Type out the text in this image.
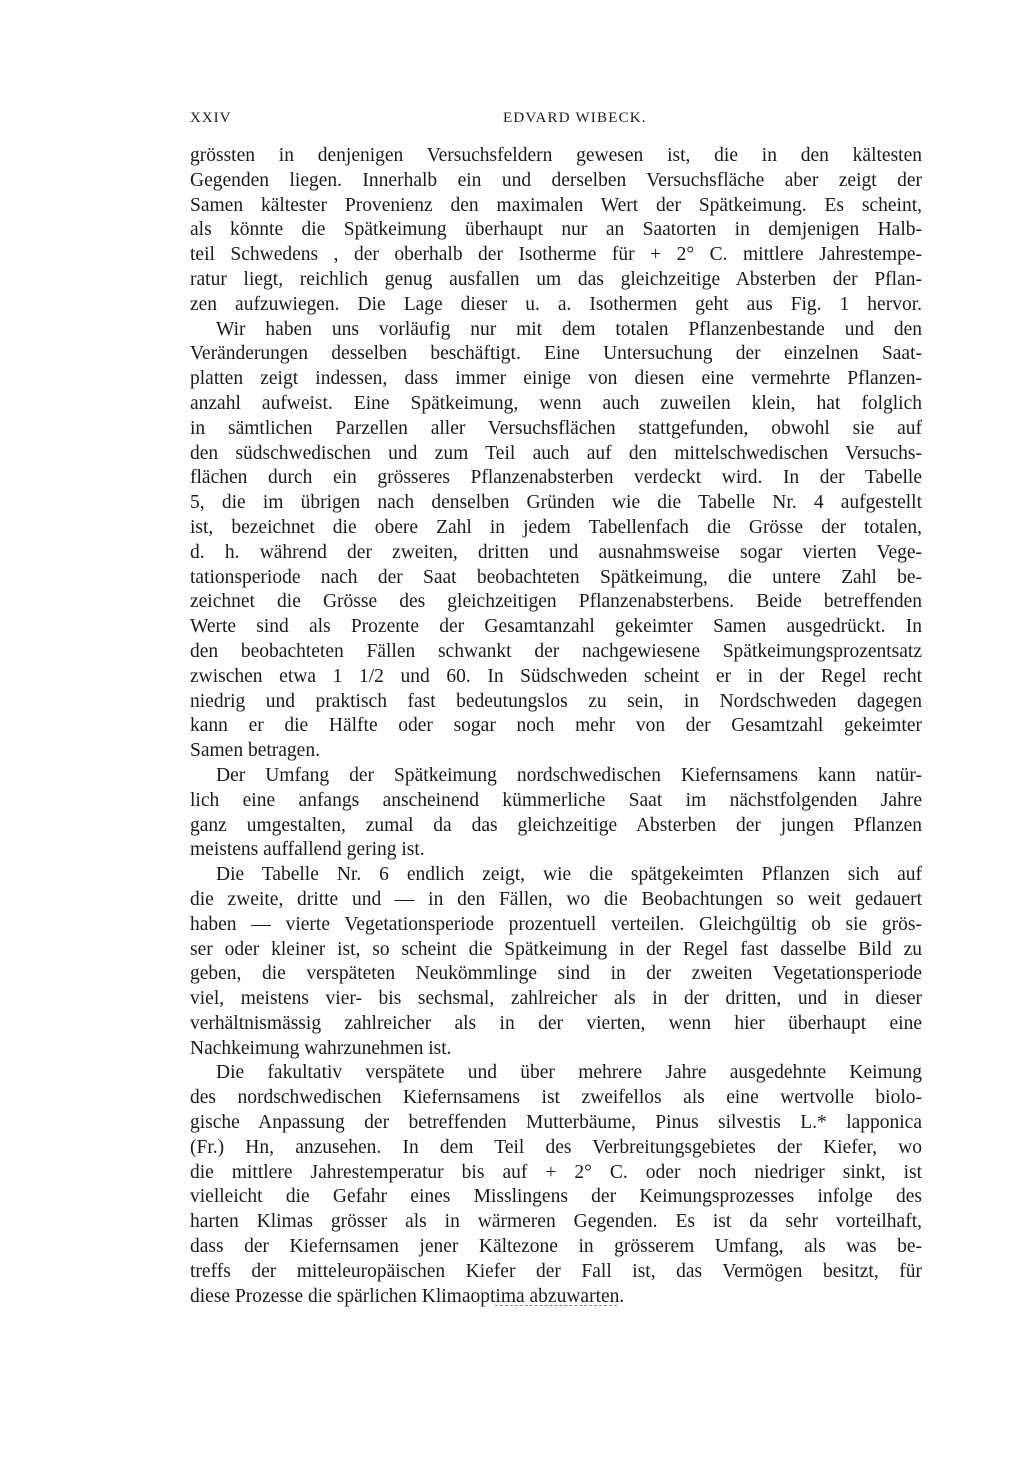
XXIV	EDVARD WIBECK.
grössten in denjenigen Versuchsfeldern gewesen ist, die in den kältesten
Gegenden liegen. Innerhalb ein und derselben Versuchsfläche aber zeigt der
Samen kältester Provenienz den maximalen Wert der Spätkeimung. Es scheint,
als könnte die Spätkeimung überhaupt nur an Saatorten in demjenigen Halb-
teil Schwedens , der oberhalb der Isotherme für + 2° C. mittlere Jahrestempe-
ratur liegt, reichlich genug ausfallen um das gleichzeitige Absterben der Pflan-
zen aufzuwiegen. Die Lage dieser u. a. Isothermen geht aus Fig. 1 hervor.
Wir haben uns vorläufig nur mit dem totalen Pflanzenbestande und den
Veränderungen desselben beschäftigt. Eine Untersuchung der einzelnen Saat-
platten zeigt indessen, dass immer einige von diesen eine vermehrte Pflanzen-
anzahl aufweist. Eine Spätkeimung, wenn auch zuweilen klein, hat folglich
in sämtlichen Parzellen aller Versuchsflächen stattgefunden, obwohl sie auf
den südschwedischen und zum Teil auch auf den mittelschwedischen Versuchs-
flächen durch ein grösseres Pflanzenabsterben verdeckt wird. In der Tabelle
5, die im übrigen nach denselben Gründen wie die Tabelle Nr. 4 aufgestellt
ist, bezeichnet die obere Zahl in jedem Tabellenfach die Grösse der totalen,
d. h. während der zweiten, dritten und ausnahmsweise sogar vierten Vege-
tationsperiode nach der Saat beobachteten Spätkeimung, die untere Zahl be-
zeichnet die Grösse des gleichzeitigen Pflanzenabsterbens. Beide betreffenden
Werte sind als Prozente der Gesamtanzahl gekeimter Samen ausgedrückt. In
den beobachteten Fällen schwankt der nachgewiesene Spätkeimungsprozentsatz
zwischen etwa 1 1/2 und 60. In Südschweden scheint er in der Regel recht
niedrig und praktisch fast bedeutungslos zu sein, in Nordschweden dagegen
kann er die Hälfte oder sogar noch mehr von der Gesamtzahl gekeimter
Samen betragen.
Der Umfang der Spätkeimung nordschwedischen Kiefernsamens kann natür-
lich eine anfangs anscheinend kümmerliche Saat im nächstfolgenden Jahre
ganz umgestalten, zumal da das gleichzeitige Absterben der jungen Pflanzen
meistens auffallend gering ist.
Die Tabelle Nr. 6 endlich zeigt, wie die spätgekeimten Pflanzen sich auf
die zweite, dritte und — in den Fällen, wo die Beobachtungen so weit gedauert
haben — vierte Vegetationsperiode prozentuell verteilen. Gleichgültig ob sie grös-
ser oder kleiner ist, so scheint die Spätkeimung in der Regel fast dasselbe Bild zu
geben, die verspäteten Neukömmlinge sind in der zweiten Vegetationsperiode
viel, meistens vier- bis sechsmal, zahlreicher als in der dritten, und in dieser
verhältnismässig zahlreicher als in der vierten, wenn hier überhaupt eine
Nachkeimung wahrzunehmen ist.
Die fakultativ verspätete und über mehrere Jahre ausgedehnte Keimung
des nordschwedischen Kiefernsamens ist zweifellos als eine wertvolle biolo-
gische Anpassung der betreffenden Mutterbäume, Pinus silvestis L.* lapponica
(Fr.) Hn, anzusehen. In dem Teil des Verbreitungsgebietes der Kiefer, wo
die mittlere Jahrestemperatur bis auf + 2° C. oder noch niedriger sinkt, ist
vielleicht die Gefahr eines Misslingens der Keimungsprozesses infolge des
harten Klimas grösser als in wärmeren Gegenden. Es ist da sehr vorteilhaft,
dass der Kiefernsamen jener Kältezone in grösserem Umfang, als was be-
treffs der mitteleuropäischen Kiefer der Fall ist, das Vermögen besitzt, für
diese Prozesse die spärlichen Klimaoptima abzuwarten.
